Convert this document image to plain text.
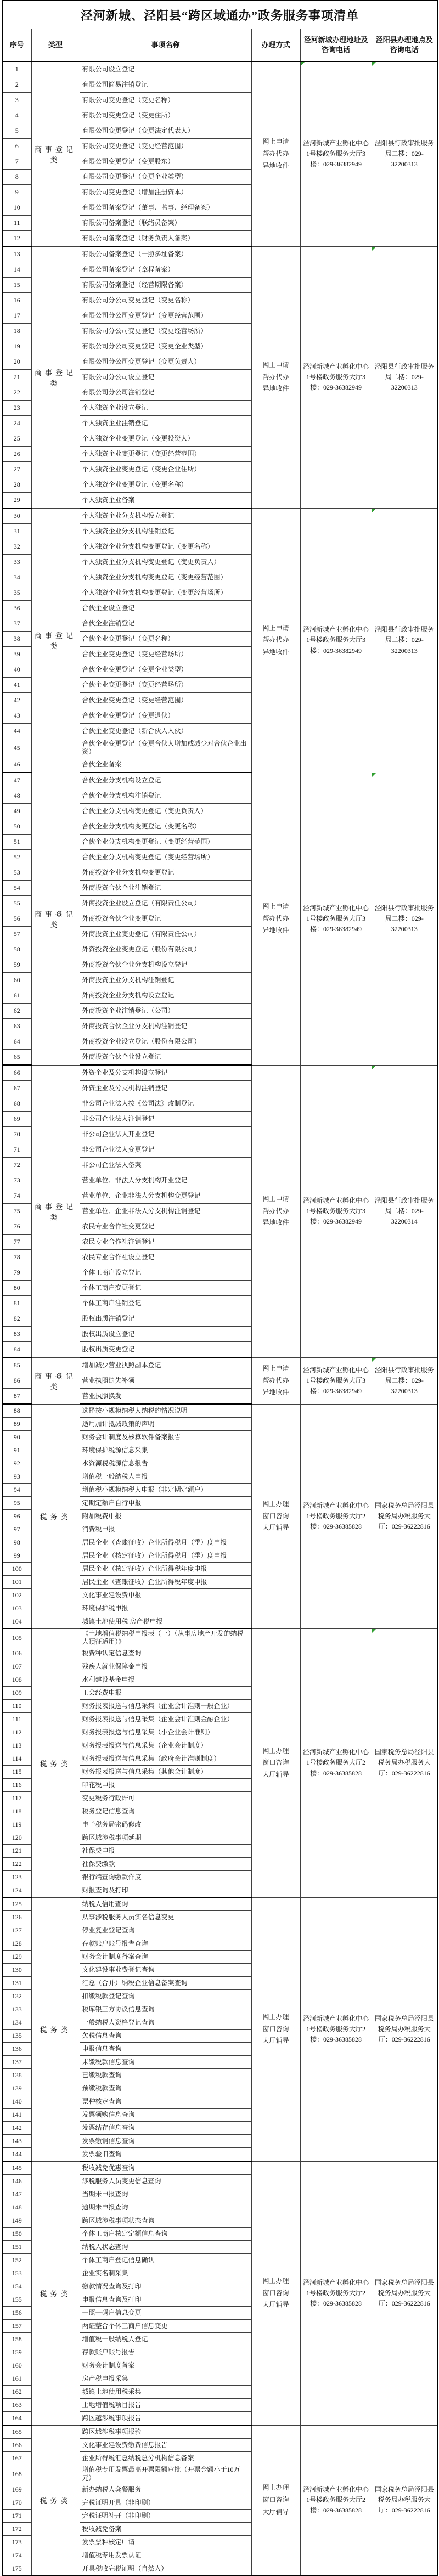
泾河新城、泾阳县“跨区域通办”政务服务事项清单					
序号	类型	事项名称	办理方式	泾河新城办理地址及咨询电话	泾阳县办理地点及咨询电话
1	商事登记类	有限公司设立登记	网上申请
帮办代办
异地收件	泾河新城产业孵化中心1号楼政务服务大厅3楼：029-36382949	泾阳县行政审批服务局二楼：029-32200313

2		有限公司简易注销登记			
3		有限公司变更登记（变更名称）			
4		有限公司变更登记（变更住所）			
5		有限公司变更登记（变更法定代表人）			
6		有限公司变更登记（变更经营范围）			
7		有限公司变更登记（变更股东）			
8		有限公司变更登记（变更企业类型）			
9		有限公司变更登记（增加注册资本）			
10		有限公司备案登记（董事、监事、经理备案）			
11		有限公司备案登记（联络员备案）			
12		有限公司备案登记（财务负责人备案）			
13	商事登记类	有限公司备案登记（一照多址备案）	网上申请
帮办代办
异地收件	泾河新城产业孵化中心1号楼政务服务大厅3楼：029-36382949	泾阳县行政审批服务局二楼：029-32200313

14		有限公司备案登记（章程备案）			
15		有限公司备案登记（经营期限备案）			
16		有限公司分公司变更登记（变更名称）			
17		有限公司分公司变更登记（变更经营范围）			
18		有限公司分公司变更登记（变更经营场所）			
19		有限公司分公司变更登记（变更企业类型）			
20		有限公司分公司变更登记（变更负责人）			
21		有限公司分公司设立登记			
22		有限公司分公司注销登记			
23		个人独资企业设立登记			
24		个人独资企业注销登记			
25		个人独资企业变更登记（变更投资人）			
26		个人独资企业变更登记（变更经营范围）			
27		个人独资企业变更登记（变更企业住所）			
28		个人独资企业变更登记（变更名称）			
29		个人独资企业备案			
30	商事登记类	个人独资企业分支机构设立登记	网上申请
帮办代办
异地收件	泾河新城产业孵化中心1号楼政务服务大厅3楼：029-36382949	泾阳县行政审批服务局二楼：029-32200313

31		个人独资企业分支机构注销登记			
32		个人独资企业分支机构变更登记（变更名称）			
33		个人独资企业分支机构变更登记（变更负责人）			
34		个人独资企业分支机构变更登记（变更经营范围）			
35		个人独资企业分支机构变更登记（变更经营场所）			
36		合伙企业设立登记			
37		合伙企业注销登记			
38		合伙企业变更登记（变更名称）			
39		合伙企业变更登记（变更经营场所）			
40		合伙企业变更登记（变更企业类型）			
41		合伙企业变更登记（变更经营场所）			
42		合伙企业变更登记（变更经营范围）			
43		合伙企业变更登记（变更退伙）			
44		合伙企业变更登记（新合伙人入伙）			
45		合伙企业变更登记（变更合伙人增加或减少对合伙企业出资）			
46		合伙企业备案			
47	商事登记类	合伙企业分支机构设立登记	网上申请
帮办代办
异地收件	泾河新城产业孵化中心1号楼政务服务大厅3楼：029-36382949	泾阳县行政审批服务局二楼：029-32200313

48		合伙企业分支机构注销登记			
49		合伙企业分支机构变更登记（变更负责人）			
50		合伙企业分支机构变更登记（变更名称）			
51		合伙企业分支机构变更登记（变更经营范围）			
52		合伙企业分支机构变更登记（变更经营场所）			
53		外商投资企业分支机构变更登记			
54		外商投资合伙企业注销登记			
55		外商投资企业设立登记（有限责任公司）			
56		外商投资合伙企业变更登记			
57		外商投资企业变更登记（有限责任公司）			
58		外资投资企业变更登记（股份有限公司）			
59		外商投资合伙企业分支机构设立登记			
60		外商投资企业分支机构注销登记			
61		外商投资企业分支机构设立登记			
62		外商投资企业注销登记（公司）			
63		外商投资合伙企业分支机构注销登记			
64		外商投资企业设立登记（股份有限公司）			
65		外商投资合伙企业设立登记			
66	商事登记类	外资企业及分支机构设立登记	网上申请
帮办代办
异地收件	泾河新城产业孵化中心1号楼政务服务大厅3楼：029-36382949	泾阳县行政审批服务局二楼：029-32200314

67		外资企业及分支机构注销登记			
68		非公司企业法人按《公司法》改制登记			
69		非公司企业法人注销登记			
70		非公司企业法人开业登记			
71		非公司企业法人变更登记			
72		非公司企业法人备案			
73		营业单位、非法人分支机构开业登记			
74		营业单位、企业非法人分支机构变更登记			
75		营业单位、企业非法人分支机构注销登记			
76		农民专业合作社变更登记			
77		农民专业合作社注销登记			
78		农民专业合作社设立登记			
79		个体工商户设立登记			
80		个体工商户变更登记			
81		个体工商户注销登记			
82		股权出质注销登记			
83		股权出质设立登记			
84		股权出质变更登记			
85	商事登记类	增加减少营业执照副本登记	网上申请
帮办代办
异地收件	泾河新城产业孵化中心1号楼政务服务大厅3楼：029-36382949	泾阳县行政审批服务局二楼：029-32200313

86		营业执照遗失补领			
87		营业执照换发			
88	税务类	选择按小规模纳税人纳税的情况说明	网上办理
窗口咨询
大厅辅导	泾河新城产业孵化中心1号楼政务服务大厅2楼：029-36385828	国家税务总局泾阳县税务局办税服务大厅：029-36222816

89		适用加计抵减政策的声明			
90		财务会计制度及核算软件备案报告			
91		环境保护税源信息采集			
92		水资源税税源信息报告			
93		增值税一般纳税人申报			
94		增值税小规模纳税人申报（非定期定额户）			
95		定期定额户自行申报			
96		附加税费申报			
97		消费税申报			
98		居民企业（查账征收）企业所得税月（季）度申报			
99		居民企业（核定征收）企业所得税月（季）度申报			
100		居民企业（核定征收）企业所得税年度申报			
101		居民企业（查账征收）企业所得税年度申报			
102		文化事业建设费申报			
103		环境保护税申报			
104		城镇土地使用税 房产税申报			
105	税务类	《土地增值税纳税申报表（一）（从事房地产开发的纳税人预征适用）》	网上办理
窗口咨询
大厅辅导	泾河新城产业孵化中心1号楼政务服务大厅2楼：029-36385828	国家税务总局泾阳县税务局办税服务大厅：029-36222816

106		税费种认定信息查询			
107		残疾人就业保障金申报			
108		水利建设基金申报			
109		工会经费申报			
110		财务报表报送与信息采集（企业会计准则一般企业）			
111		财务报表报送与信息采集（企业会计准则金融企业）			
112		财务报表报送与信息采集（小企业会计准则）			
113		财务报表报送与信息采集（企业会计制度）			
114		财务报表报送与信息采集（政府会计准则制度）			
115		财务报表报送与信息采集（其他会计制度）			
116		印花税申报			
117		变更税务行政许可			
118		税务登记信息查询			
119		电子税务局密码修改			
120		跨区域涉税事项延期			
121		社保费申报			
122		社保费缴款			
123		银行端查询缴款作废			
124		财报查询及打印			
125	税务类	纳税人信用查询	网上办理
窗口咨询
大厅辅导	泾河新城产业孵化中心1号楼政务服务大厅2楼：029-36385828	国家税务总局泾阳县税务局办税服务大厅：029-36222816

126		从事涉税服务人员实名信息变更			
127		停业复业登记查询			
128		存款账户账号报告查询			
129		财务会计制度备案查询			
130		文化建设事业费登记查询			
131		汇总（合并）纳税企业信息备案查询			
132		扣缴税款登记查询			
133		税库银三方协议信息查询			
134		一般纳税人资格登记查询			
135		欠税信息查询			
136		申报信息查询			
137		未缴税款信息查询			
138		已缴税款查询			
139		预缴税款查询			
140		票种核定查询			
141		发票领购信息查询			
142		发票结存信息查询			
143		发票缴销信息查询			
144		发票验旧查询			
145	税务类	税收减免优惠查询	网上办理
窗口咨询
大厅辅导	泾河新城产业孵化中心1号楼政务服务大厅2楼：029-36385828	国家税务总局泾阳县税务局办税服务大厅：029-36222816

146		涉税服务人员变更信息查询			
147		当期未申报查询			
148		逾期未申报查询			
149		跨区域涉税事项状态查询			
150		个体工商户核定定额信息查询			
151		纳税人状态查询			
152		个体工商户登记信息确认			
153		企业实名制采集			
154		缴款情况查询及打印			
155		申报信息查询及打印			
156		一照一码户信息变更			
157		两证整合个体工商户信息变更			
158		增值税一般纳税人登记			
159		存款账户账号报告			
160		财务会计制度备案			
161		房产税申报采集			
162		城镇土地使用税采集			
163		土地增值税项目报告			
164		跨区越涉税事项报告			
165	税务类	跨区域涉税事项报验	网上办理
窗口咨询
大厅辅导	泾河新城产业孵化中心1号楼政务服务大厅2楼：029-36385828	国家税务总局泾阳县税务局办税服务大厅：029-36222816

166		文化事业建设费缴费信息报告			
167		企业所得税汇总纳税总分机构信息备案			
168		增值税专用发票最高开票限额审批（开票金额小于10万元）			
169		新办纳税人套餐服务			
170		完税证明开具（非印刷）			
171		完税证明补开（非印刷）			
172		税收减免备案			
173		发票票种核定申请			
174		增值税专用发票认证			
175		开具税收完税证明（自然人）			
